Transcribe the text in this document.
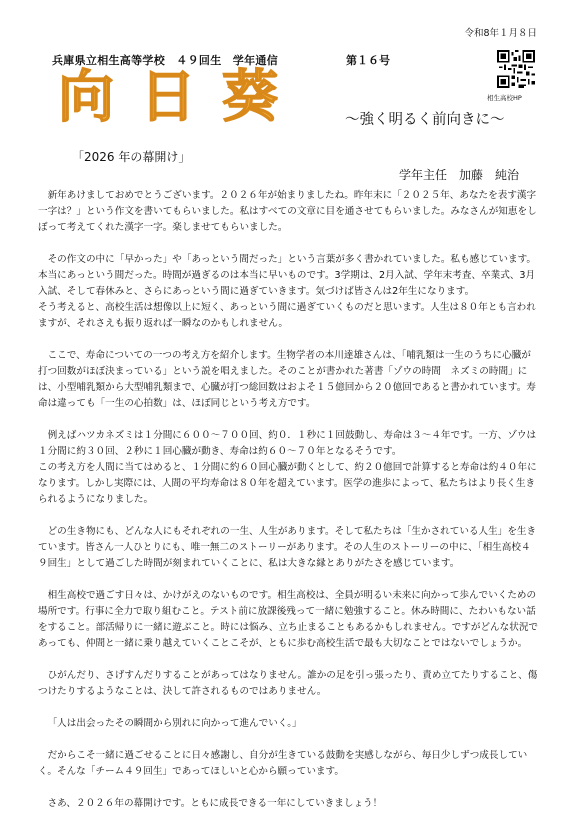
令和8年１月８日
兵庫県立相生高等学校　４９回生　学年通信	第１６号
相生高校HP
向 日 葵	～強く明るく前向きに～
「2026 年の幕開け」
学年主任　加藤　純治

新年あけましておめでとうございます。２０２６年が始まりましたね。昨年末に「２０２５年、あなたを表す漢字一字は？」という作文を書いてもらいました。私はすべての文章に目を通させてもらいました。みなさんが知恵をしぼって考えてくれた漢字一字。楽しませてもらいました。

その作文の中に「早かった」や「あっという間だった」という言葉が多く書かれていました。私も感じています。本当にあっという間だった。時間が過ぎるのは本当に早いものです。3学期は、2月入試、学年末考査、卒業式、3月入試、そして春休みと、さらにあっという間に過ぎていきます。気づけば皆さんは2年生になります。
そう考えると、高校生活は想像以上に短く、あっという間に過ぎていくものだと思います。人生は８０年とも言われますが、それさえも振り返れば一瞬なのかもしれません。

ここで、寿命についての一つの考え方を紹介します。生物学者の本川達雄さんは、「哺乳類は一生のうちに心臓が打つ回数がほぼ決まっている」という説を唱えました。そのことが書かれた著書「ゾウの時間　ネズミの時間」には、小型哺乳類から大型哺乳類まで、心臓が打つ総回数はおよそ１５億回から２０億回であると書かれています。寿命は違っても「一生の心拍数」は、ほぼ同じという考え方です。

例えばハツカネズミは１分間に６００～７００回、約０．１秒に１回鼓動し、寿命は３～４年です。一方、ゾウは１分間に約３０回、２秒に１回心臓が動き、寿命は約６０～７０年となるそうです。
この考え方を人間に当てはめると、１分間に約６０回心臓が動くとして、約２０億回で計算すると寿命は約４０年になります。しかし実際には、人間の平均寿命は８０年を超えています。医学の進歩によって、私たちはより長く生きられるようになりました。

どの生き物にも、どんな人にもそれぞれの一生、人生があります。そして私たちは「生かされている人生」を生きています。皆さん一人ひとりにも、唯一無二のストーリーがあります。その人生のストーリーの中に、「相生高校４９回生」として過ごした時間が刻まれていくことに、私は大きな縁とありがたさを感じています。

相生高校で過ごす日々は、かけがえのないものです。相生高校は、全員が明るい未来に向かって歩んでいくための場所です。行事に全力で取り組むこと。テスト前に放課後残って一緒に勉強すること。休み時間に、たわいもない話をすること。部活帰りに一緒に遊ぶこと。時には悩み、立ち止まることもあるかもしれません。ですがどんな状況であっても、仲間と一緒に乗り越えていくことこそが、ともに歩む高校生活で最も大切なことではないでしょうか。

ひがんだり、さげすんだりすることがあってはなりません。誰かの足を引っ張ったり、責め立てたりすること、傷つけたりするようなことは、決して許されるものではありません。

「人は出会ったその瞬間から別れに向かって進んでいく。」

だからこそ一緒に過ごせることに日々感謝し、自分が生きている鼓動を実感しながら、毎日少しずつ成長していく。そんな「チーム４９回生」であってほしいと心から願っています。

さあ、２０２６年の幕開けです。ともに成長できる一年にしていきましょう！
